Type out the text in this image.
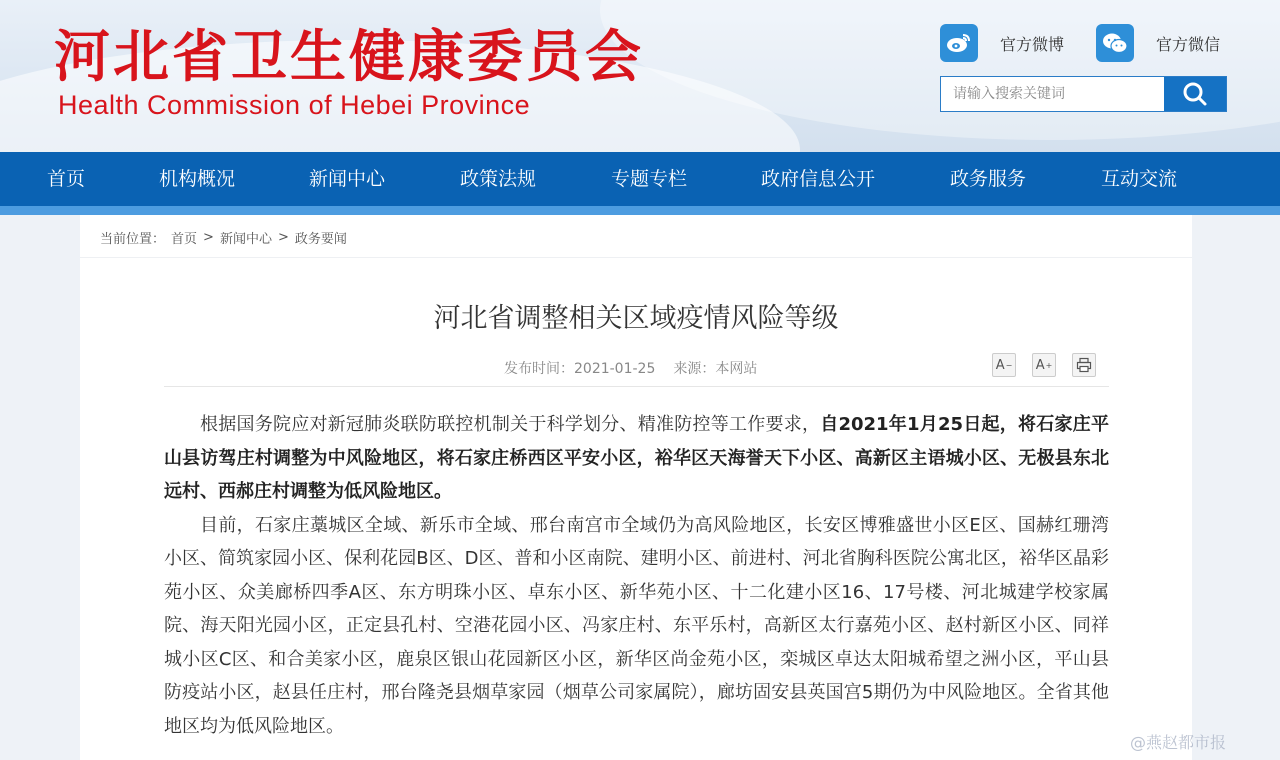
河北省卫生健康委员会
Health Commission of Hebei Province
官方微博	官方微信
请输入搜索关键词
首页	机构概况	新闻中心	政策法规	专题专栏	政府信息公开	政务服务	互动交流
当前位置： 首页 > 新闻中心 > 政务要闻
河北省调整相关区域疫情风险等级
发布时间：2021-01-25 来源：本网站	A − A +

根据国务院应对新冠肺炎联防联控机制关于科学划分、精准防控等工作要求，自2021年1月25日起，将石家庄平山县访驾庄村调整为中风险地区，将石家庄桥西区平安小区，裕华区天海誉天下小区、高新区主语城小区、无极县东北远村、西郝庄村调整为低风险地区。

目前，石家庄藁城区全域、新乐市全域、邢台南宫市全域仍为高风险地区，长安区博雅盛世小区E区、国赫红珊湾小区、简筑家园小区、保利花园B区、D区、普和小区南院、建明小区、前进村、河北省胸科医院公寓北区，裕华区晶彩苑小区、众美廊桥四季A区、东方明珠小区、卓东小区、新华苑小区、十二化建小区16、17号楼、河北城建学校家属院、海天阳光园小区，正定县孔村、空港花园小区、冯家庄村、东平乐村，高新区太行嘉苑小区、赵村新区小区、同祥城小区C区、和合美家小区，鹿泉区银山花园新区小区，新华区尚金苑小区，栾城区卓达太阳城希望之洲小区，平山县防疫站小区，赵县任庄村，邢台隆尧县烟草家园（烟草公司家属院），廊坊固安县英国宫5期仍为中风险地区。全省其他地区均为低风险地区。

@燕赵都市报
